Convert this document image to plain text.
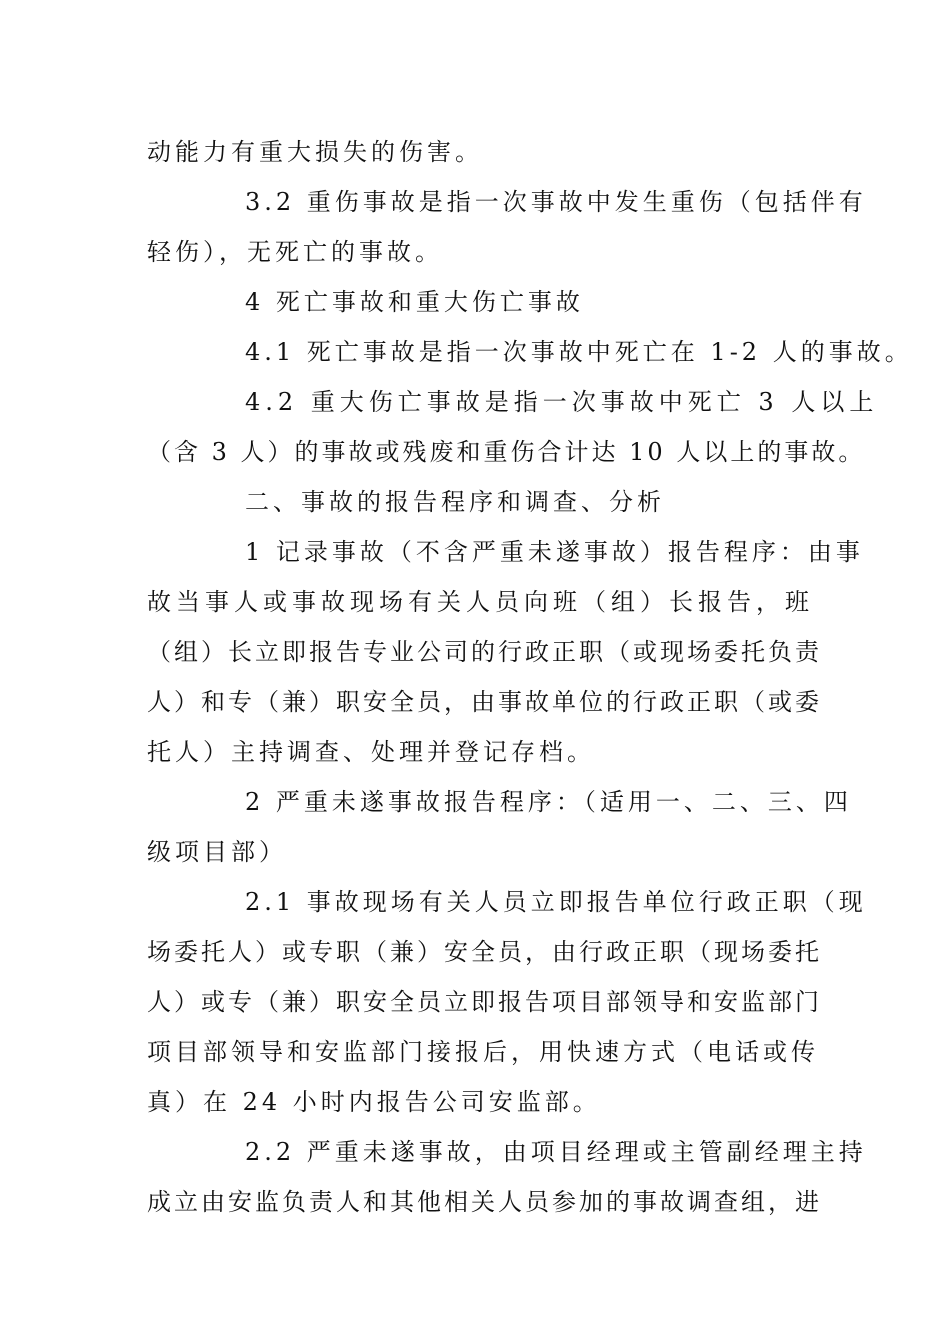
动能力有重大损失的伤害。
3.2 重伤事故是指一次事故中发生重伤（包括伴有
轻伤），无死亡的事故。
4 死亡事故和重大伤亡事故
4.1 死亡事故是指一次事故中死亡在 1-2 人的事故。
4.2 重大伤亡事故是指一次事故中死亡 3 人以上
（含 3 人）的事故或残废和重伤合计达 10 人以上的事故。
二、事故的报告程序和调查、分析
1 记录事故（不含严重未遂事故）报告程序：由事
故当事人或事故现场有关人员向班（组）长报告，班
（组）长立即报告专业公司的行政正职（或现场委托负责
人）和专（兼）职安全员，由事故单位的行政正职（或委
托人）主持调查、处理并登记存档。
2 严重未遂事故报告程序：（适用一、二、三、四
级项目部）
2.1 事故现场有关人员立即报告单位行政正职（现
场委托人）或专职（兼）安全员，由行政正职（现场委托
人）或专（兼）职安全员立即报告项目部领导和安监部门
项目部领导和安监部门接报后，用快速方式（电话或传
真）在 24 小时内报告公司安监部。
2.2 严重未遂事故，由项目经理或主管副经理主持
成立由安监负责人和其他相关人员参加的事故调查组，进
